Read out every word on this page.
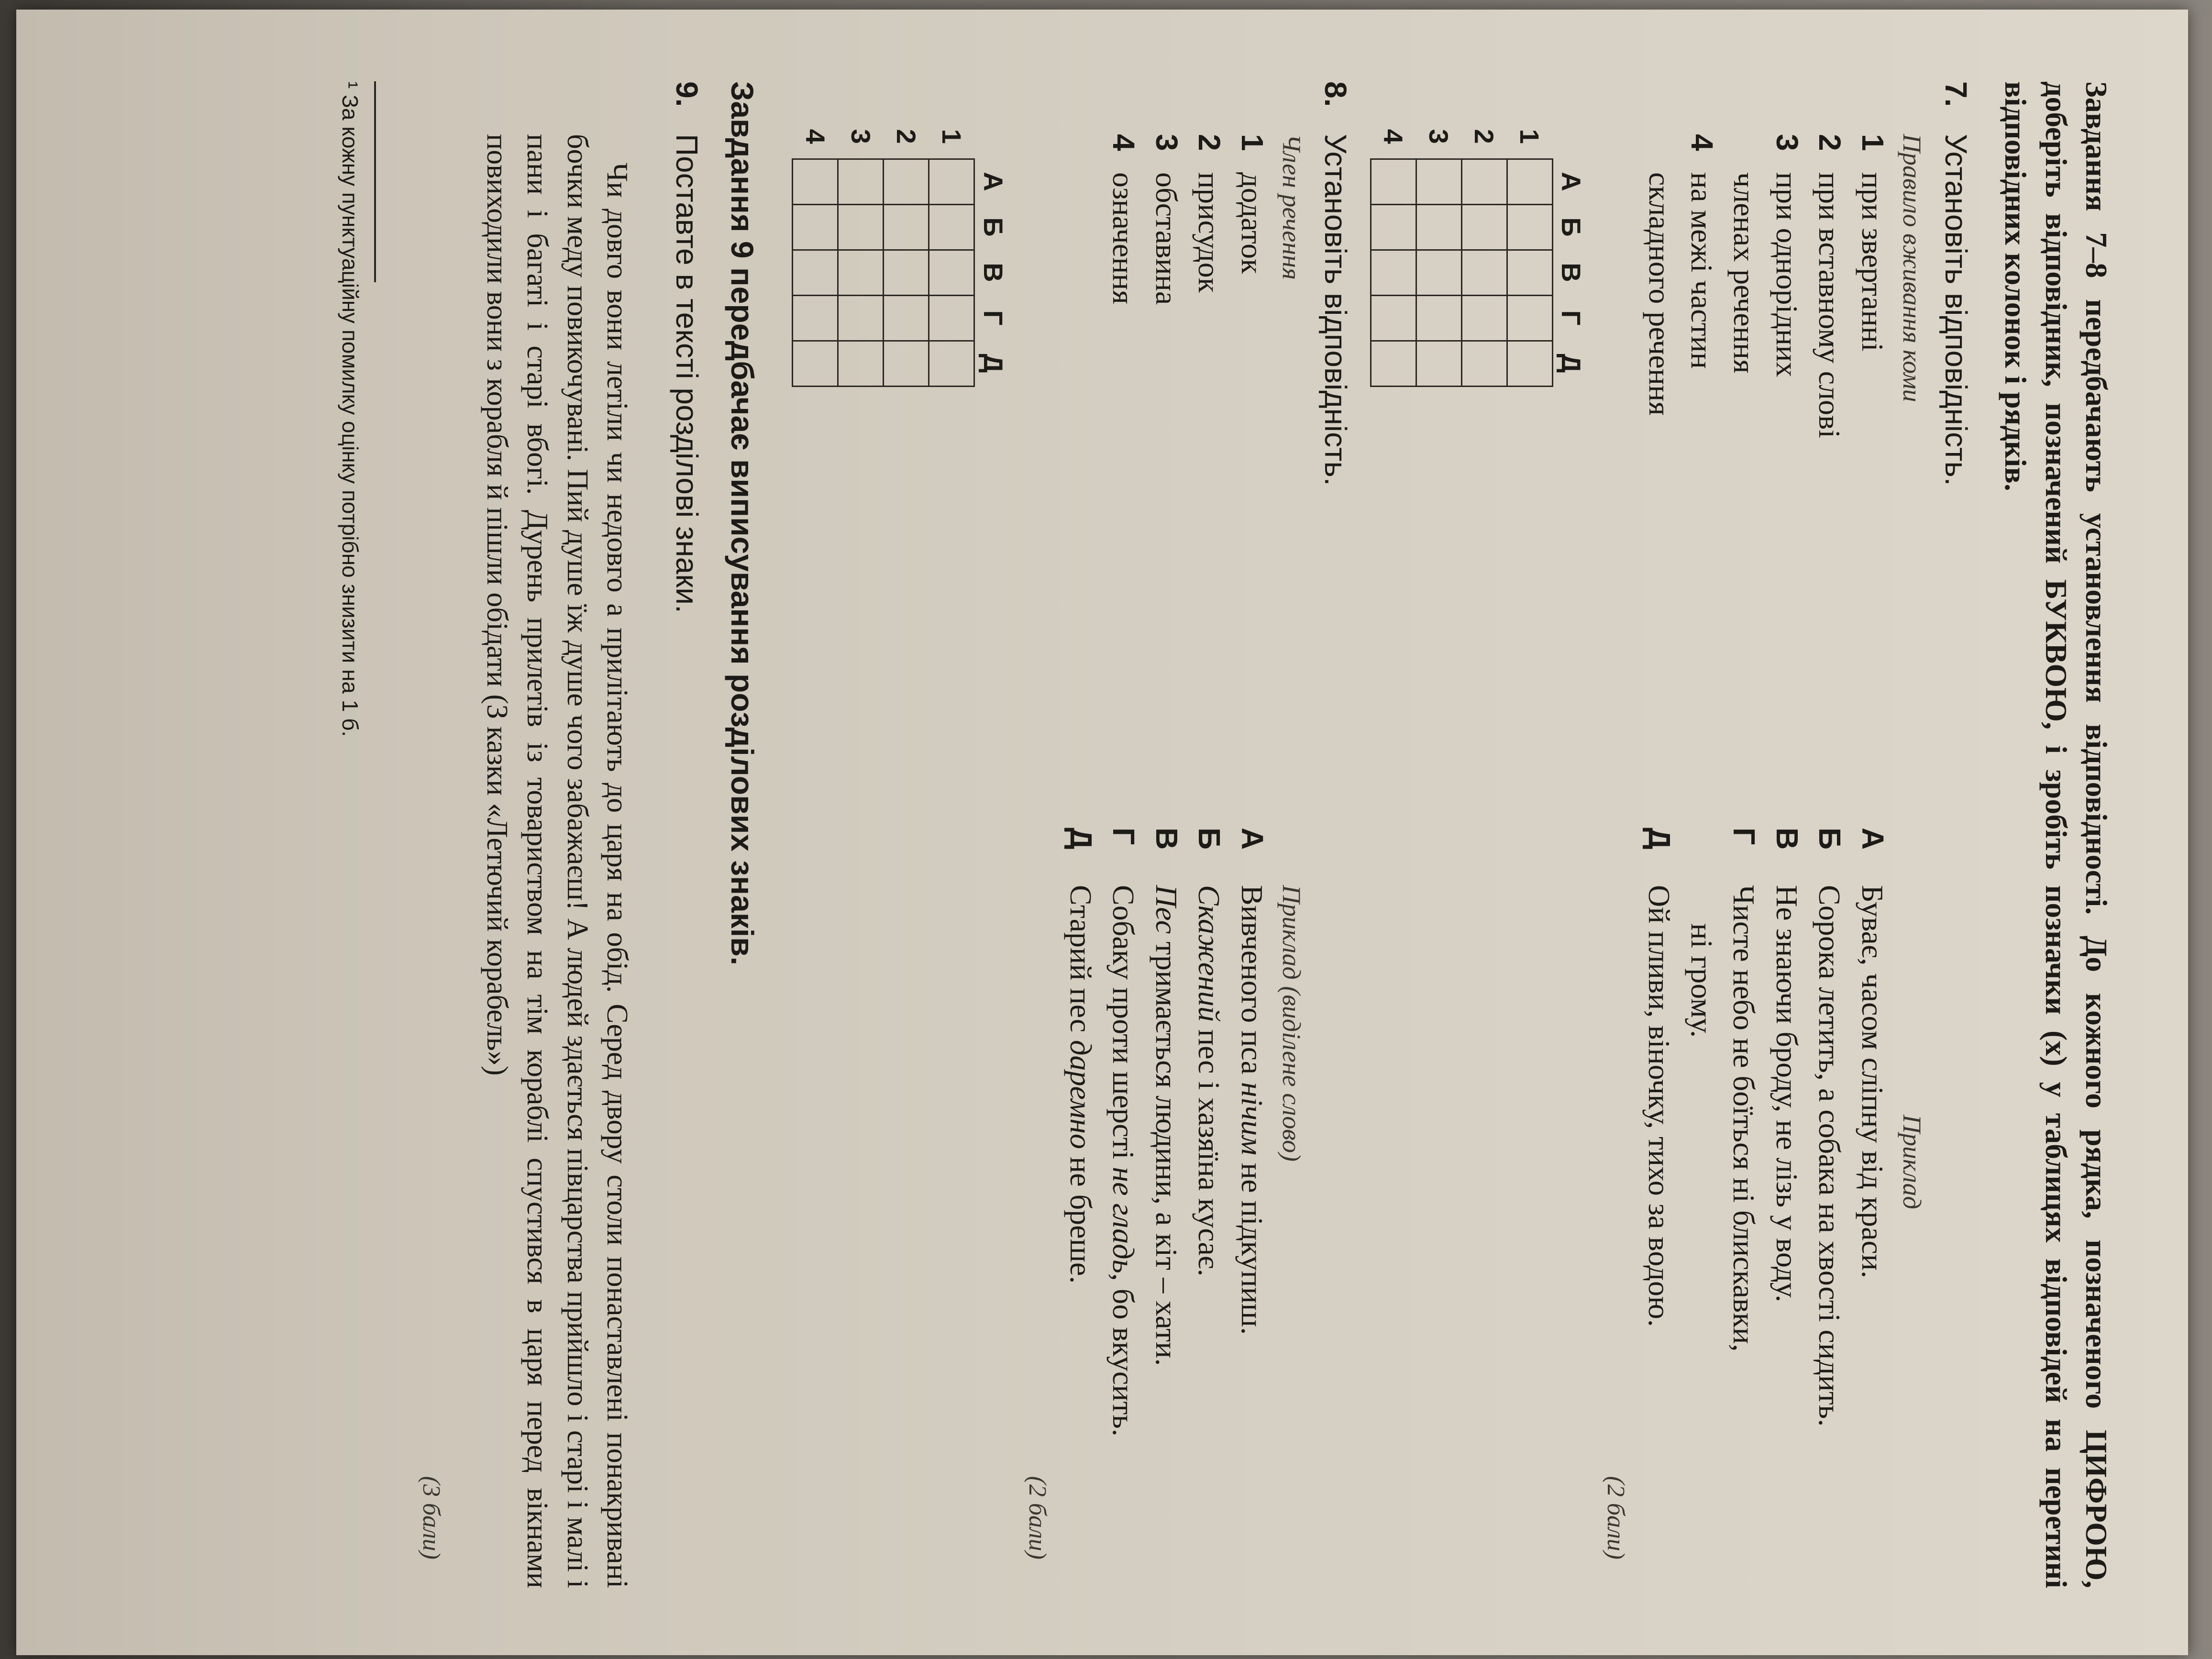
Завдання 7–8 передбачають установлення відповідності. До кожного рядка, позначеного ЦИФРОЮ, доберіть відповідник, позначений БУКВОЮ, і зробіть позначки (x) у таблицях відповідей на перетині відповідних колонок і рядків.

7.
Установіть відповідність.
Правило вживання коми
1
при звертанні
2
при вставному слові
3
при однорідних
членах речення
4
на межі частин
складного речення
Приклад
А
Буває, часом сліпну від краси.
Б
Сорока летить, а собака на хвості сидить.
В
Не знаючи броду, не лізь у воду.
Г
Чисте небо не боїться ні блискавки,
ні грому.
Д
Ой пливи, віночку, тихо за водою.
(2 бали)
	А	Б	В	Г	Д
1					
2					
3					
4					
8.
Установіть відповідність.
Член речення
1
додаток
2
присудок
3
обставина
4
означення
Приклад (виділене слово)
А
Вивченого пса нічим не підкупиш.
Б
Скажений пес і хазяїна кусає.
В
Пес тримається людини, а кіт – хати.
Г
Собаку проти шерсті не гладь, бо вкусить.
Д
Старий пес даремно не бреше.
(2 бали)
	А	Б	В	Г	Д
1					
2					
3					
4					
Завдання 9 передбачає виписування розділових знаків.
9.
Поставте в тексті розділові знаки.

Чи довго вони летіли чи недовго а прилітають до царя на обід. Серед двору столи понаставлені понакривані бочки меду повикочувані. Пий душе їж душе чого забажаєш! А людей здається півцарства прийшло і старі і малі і пани і багаті і старі вбогі. Дурень прилетів із товариством на тім кораблі спустився в царя перед вікнами повиходили вони з корабля й пішли обідати (З казки «Летючий корабель»)

(3 бали)
¹ За кожну пунктуаційну помилку оцінку потрібно знизити на 1 б.
